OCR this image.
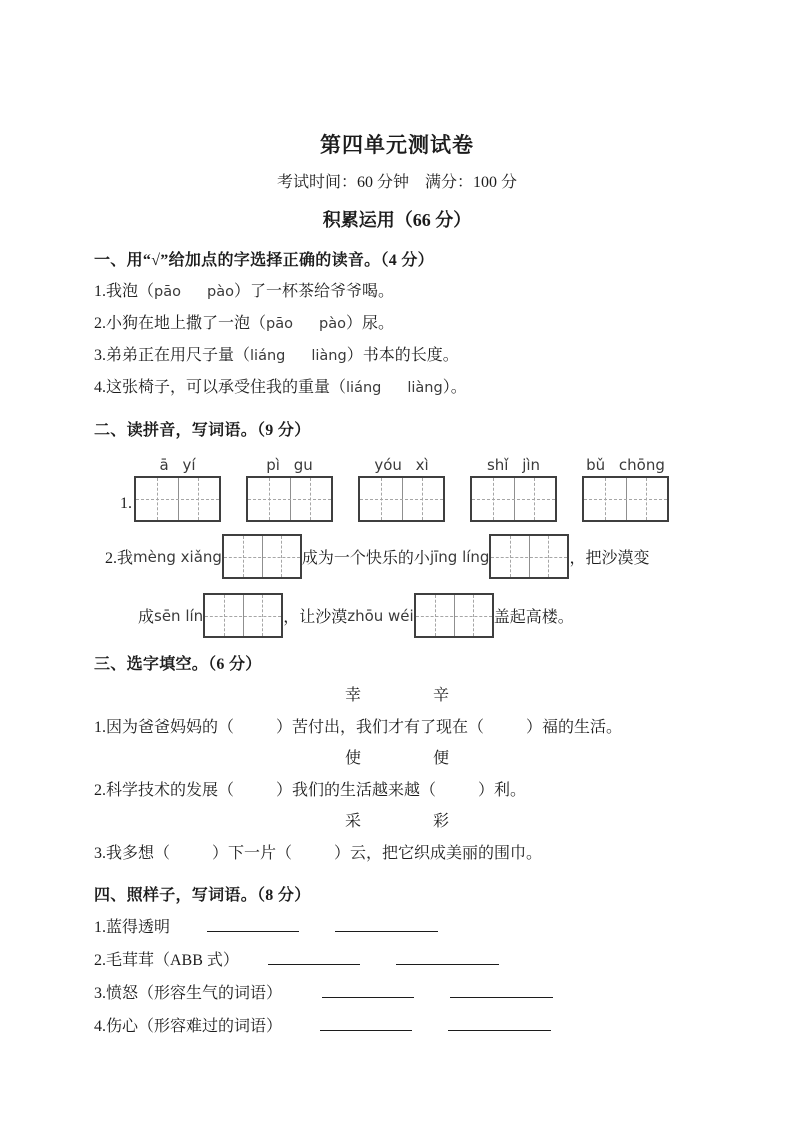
第四单元测试卷
考试时间：60 分钟　满分：100 分
积累运用（66 分）
一、用“√”给加点的字选择正确的读音。（4 分）
1.我泡（pāo pào）了一杯茶给爷爷喝。
2.小狗在地上撒了一泡（pāo pào）尿。
3.弟弟正在用尺子量（liáng liàng）书本的长度。
4.这张椅子，可以承受住我的重量（liáng liàng）。
二、读拼音，写词语。（9 分）
1.
ā yí	pì gu	yóu xì	shǐ jìn	bǔ chōng
2.我 mèng xiǎng	成为一个快乐的小 jīng líng	，把沙漠变
成 sēn lín	，让沙漠 zhōu wéi	盖起高楼。
三、选字填空。（6 分）
幸	辛
1.因为爸爸妈妈的（	）苦付出，我们才有了现在（	）福的生活。
使	便
2.科学技术的发展（	）我们的生活越来越（	）利。
采	彩
3.我多想（	）下一片（	）云，把它织成美丽的围巾。
四、照样子，写词语。（8 分）
1.蓝得透明
2.毛茸茸（ABB 式）
3.愤怒（形容生气的词语）
4.伤心（形容难过的词语）
